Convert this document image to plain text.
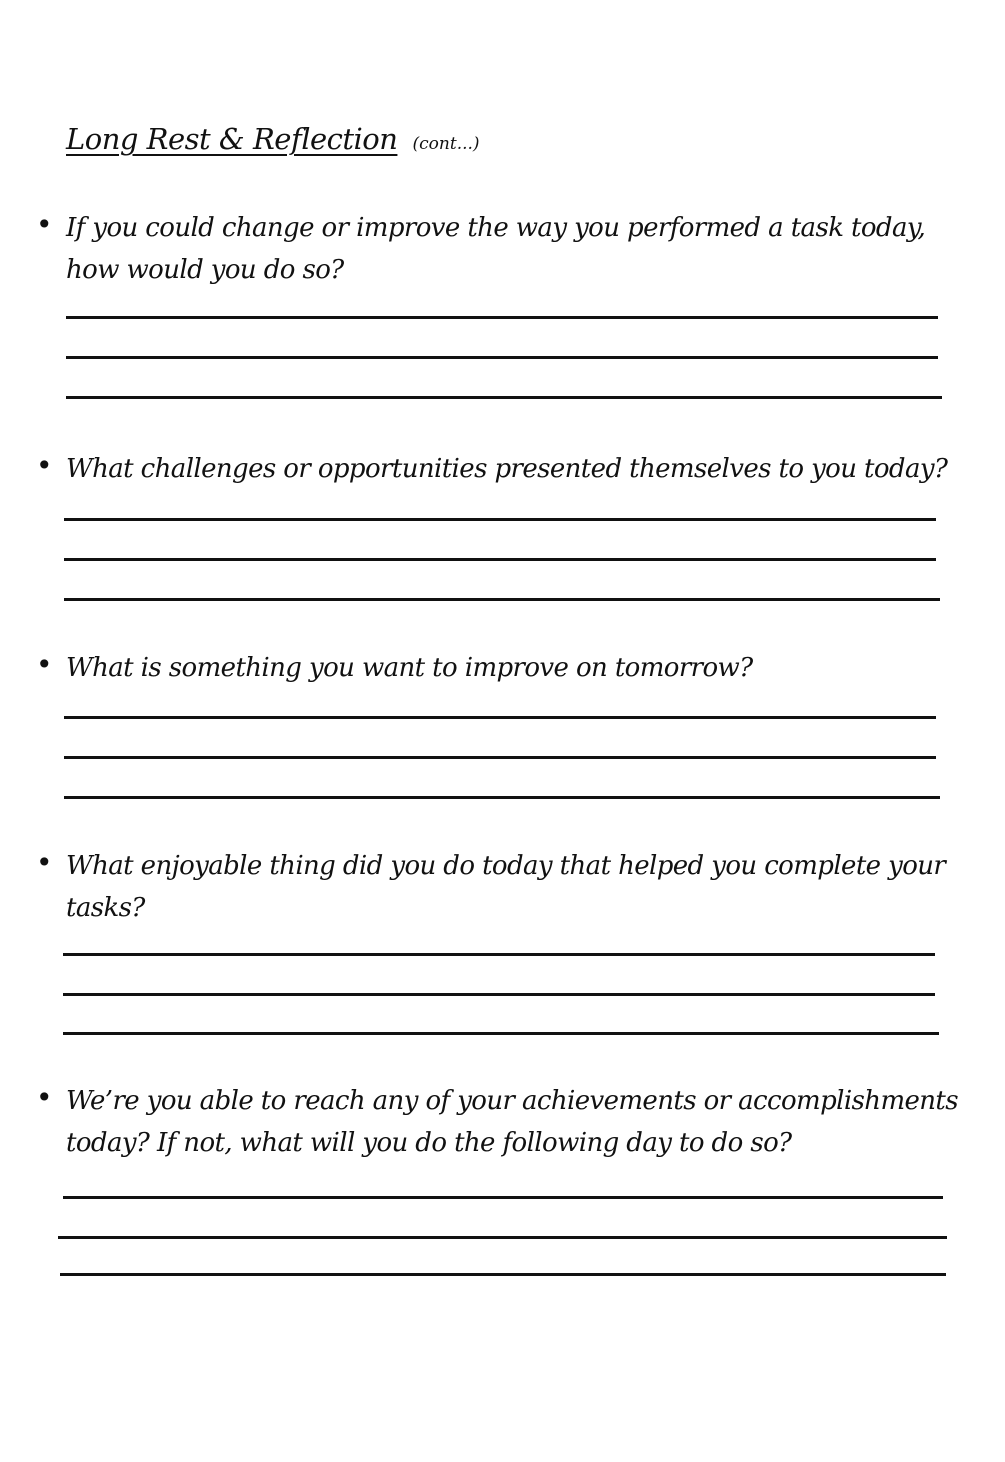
Long Rest & Reflection (cont...)
• If you could change or improve the way you performed a task today, how would you do so?
• What challenges or opportunities presented themselves to you today?
• What is something you want to improve on tomorrow?
• What enjoyable thing did you do today that helped you complete your tasks?
• We’re you able to reach any of your achievements or accomplishments today? If not, what will you do the following day to do so?
